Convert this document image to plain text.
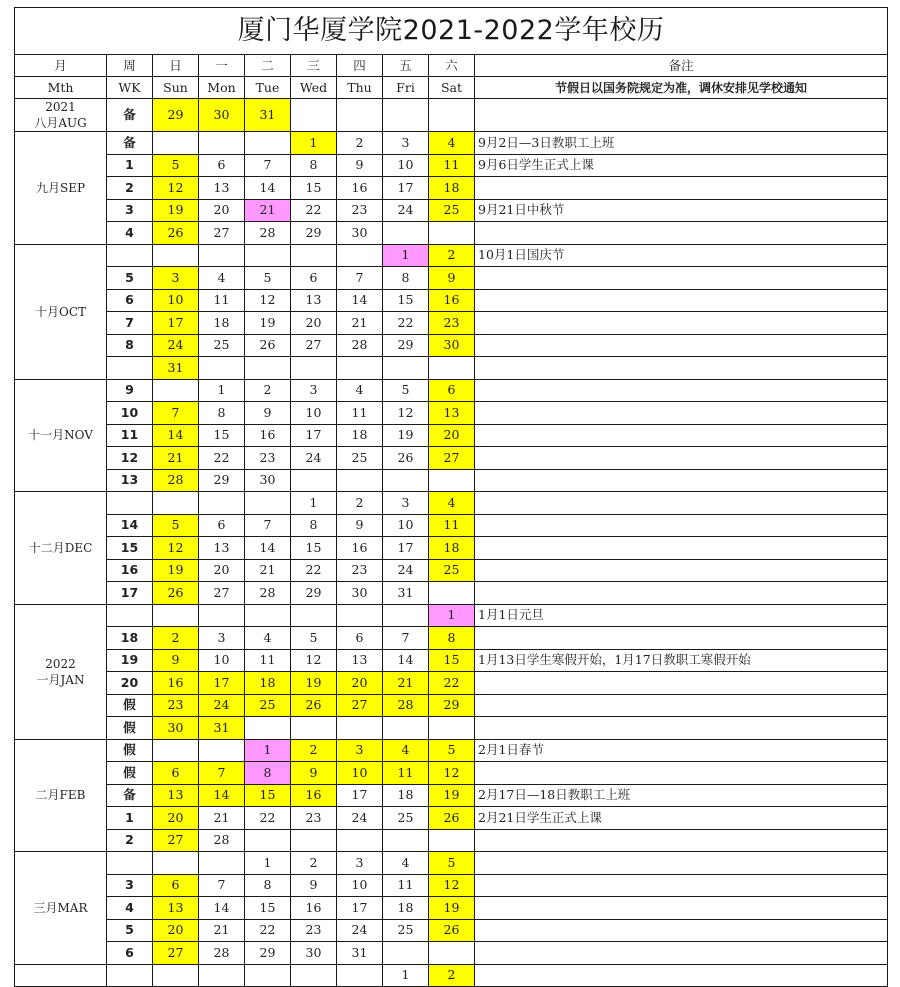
厦门华厦学院2021-2022学年校历									
月	周	日	一	二	三	四	五	六	备注
Mth	WK	Sun	Mon	Tue	Wed	Thu	Fri	Sat	节假日以国务院规定为准，调休安排见学校通知
2021
八月AUG	备	29	30	31					
九月SEP	备				1	2	3	4	9月2日—3日教职工上班
	1	5	6	7	8	9	10	11	9月6日学生正式上课
	2	12	13	14	15	16	17	18	
	3	19	20	21	22	23	24	25	9月21日中秋节
	4	26	27	28	29	30			
十月OCT							1	2	10月1日国庆节
	5	3	4	5	6	7	8	9	
	6	10	11	12	13	14	15	16	
	7	17	18	19	20	21	22	23	
	8	24	25	26	27	28	29	30	
		31							
十一月NOV	9		1	2	3	4	5	6	
	10	7	8	9	10	11	12	13	
	11	14	15	16	17	18	19	20	
	12	21	22	23	24	25	26	27	
	13	28	29	30					
十二月DEC					1	2	3	4	
	14	5	6	7	8	9	10	11	
	15	12	13	14	15	16	17	18	
	16	19	20	21	22	23	24	25	
	17	26	27	28	29	30	31		
2022
一月JAN								1	1月1日元旦
	18	2	3	4	5	6	7	8	
	19	9	10	11	12	13	14	15	1月13日学生寒假开始，1月17日教职工寒假开始
	20	16	17	18	19	20	21	22	
	假	23	24	25	26	27	28	29	
	假	30	31						
二月FEB	假			1	2	3	4	5	2月1日春节
	假	6	7	8	9	10	11	12	
	备	13	14	15	16	17	18	19	2月17日—18日教职工上班
	1	20	21	22	23	24	25	26	2月21日学生正式上课
	2	27	28						
三月MAR				1	2	3	4	5	
	3	6	7	8	9	10	11	12	
	4	13	14	15	16	17	18	19	
	5	20	21	22	23	24	25	26	
	6	27	28	29	30	31			
							1	2	
